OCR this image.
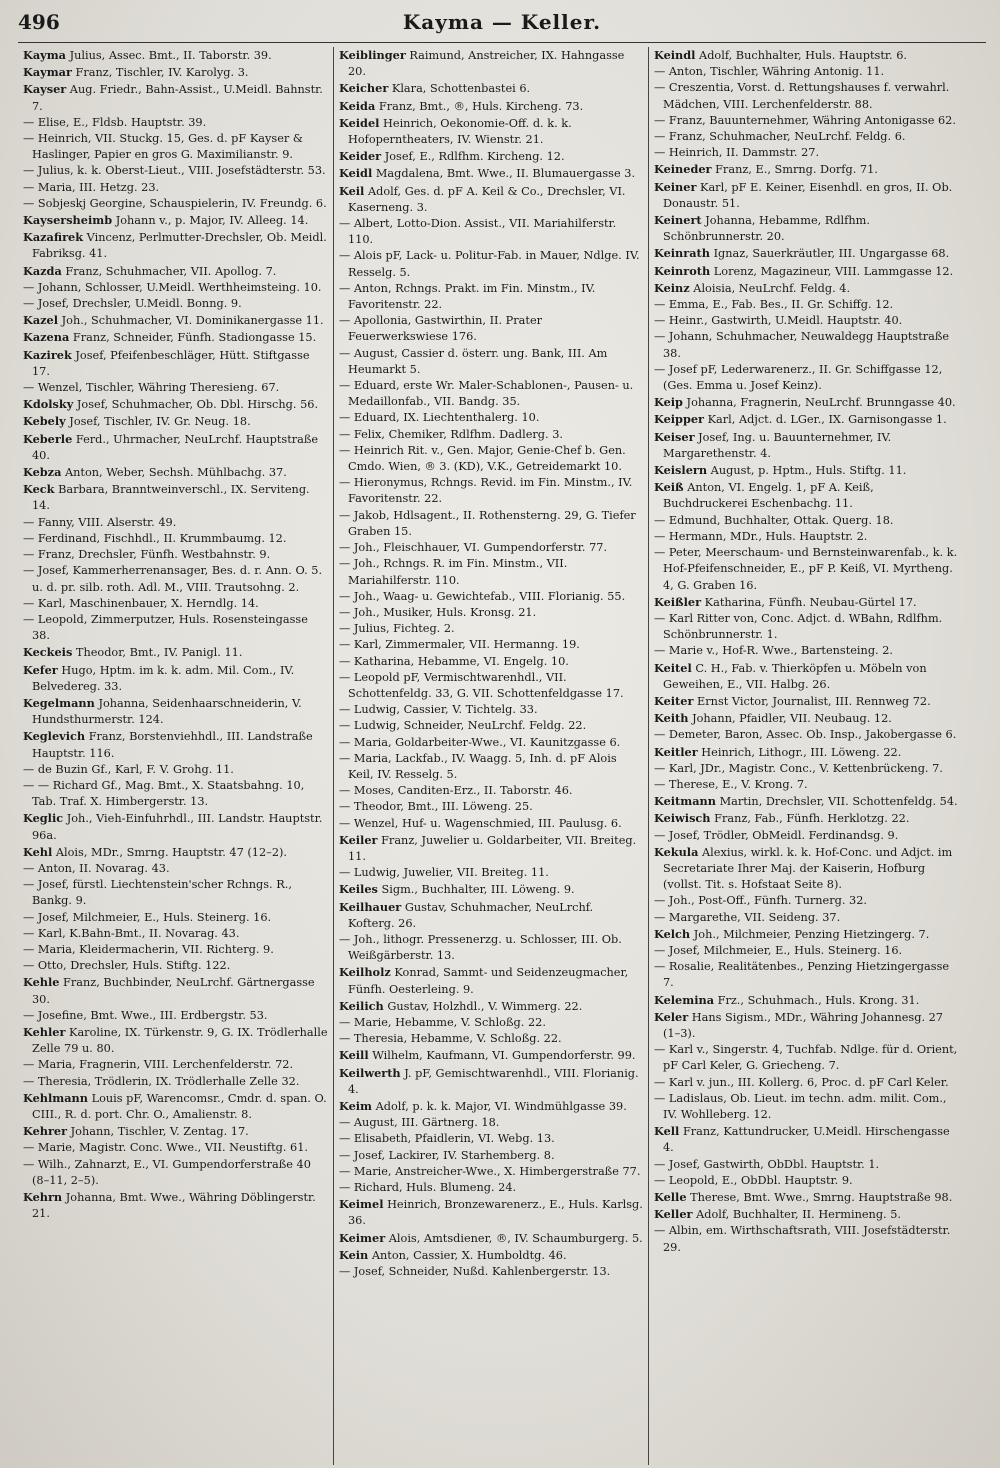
496	Kayma — Keller.

Kayma Julius, Assec. Bmt., II. Taborstr. 39.

Kaymar Franz, Tischler, IV. Karolyg. 3.

Kayser Aug. Friedr., Bahn-Assist., U.Meidl. Bahnstr. 7.

— Elise, E., Fldsb. Hauptstr. 39.

— Heinrich, VII. Stuckg. 15, Ges. d. pF Kayser & Haslinger, Papier en gros G. Maximilianstr. 9.

— Julius, k. k. Oberst-Lieut., VIII. Josefstädterstr. 53.

— Maria, III. Hetzg. 23.

— Sobjeskj Georgine, Schauspielerin, IV. Freundg. 6.

Kaysersheimb Johann v., p. Major, IV. Alleeg. 14.

Kazafirek Vincenz, Perlmutter-Drechsler, Ob. Meidl. Fabriksg. 41.

Kazda Franz, Schuhmacher, VII. Apollog. 7.

— Johann, Schlosser, U.Meidl. Werthheimsteing. 10.

— Josef, Drechsler, U.Meidl. Bonng. 9.

Kazel Joh., Schuhmacher, VI. Dominikanergasse 11.

Kazena Franz, Schneider, Fünfh. Stadiongasse 15.

Kazirek Josef, Pfeifenbeschläger, Hütt. Stiftgasse 17.

— Wenzel, Tischler, Währing Theresieng. 67.

Kdolsky Josef, Schuhmacher, Ob. Dbl. Hirschg. 56.

Kebely Josef, Tischler, IV. Gr. Neug. 18.

Keberle Ferd., Uhrmacher, NeuLrchf. Hauptstraße 40.

Kebza Anton, Weber, Sechsh. Mühlbachg. 37.

Keck Barbara, Branntweinverschl., IX. Serviteng. 14.

— Fanny, VIII. Alserstr. 49.

— Ferdinand, Fischhdl., II. Krummbaumg. 12.

— Franz, Drechsler, Fünfh. Westbahnstr. 9.

— Josef, Kammerherrenansager, Bes. d. r. Ann. O. 5. u. d. pr. silb. roth. Adl. M., VIII. Trautsohng. 2.

— Karl, Maschinenbauer, X. Herndlg. 14.

— Leopold, Zimmerputzer, Huls. Rosensteingasse 38.

Keckeis Theodor, Bmt., IV. Panigl. 11.

Kefer Hugo, Hptm. im k. k. adm. Mil. Com., IV. Belvedereg. 33.

Kegelmann Johanna, Seidenhaarschneiderin, V. Hundsthurmerstr. 124.

Keglevich Franz, Borstenviehhdl., III. Landstraße Hauptstr. 116.

— de Buzin Gf., Karl, F. V. Grohg. 11.

— — Richard Gf., Mag. Bmt., X. Staatsbahng. 10, Tab. Traf. X. Himbergerstr. 13.

Keglic Joh., Vieh-Einfuhrhdl., III. Landstr. Hauptstr. 96a.

Kehl Alois, MDr., Smrng. Hauptstr. 47 (12–2).

— Anton, II. Novarag. 43.

— Josef, fürstl. Liechtenstein'scher Rchngs. R., Bankg. 9.

— Josef, Milchmeier, E., Huls. Steinerg. 16.

— Karl, K.Bahn-Bmt., II. Novarag. 43.

— Maria, Kleidermacherin, VII. Richterg. 9.

— Otto, Drechsler, Huls. Stiftg. 122.

Kehle Franz, Buchbinder, NeuLrchf. Gärtnergasse 30.

— Josefine, Bmt. Wwe., III. Erdbergstr. 53.

Kehler Karoline, IX. Türkenstr. 9, G. IX. Trödlerhalle Zelle 79 u. 80.

— Maria, Fragnerin, VIII. Lerchenfelderstr. 72.

— Theresia, Trödlerin, IX. Trödlerhalle Zelle 32.

Kehlmann Louis pF, Warencomsr., Cmdr. d. span. O. CIII., R. d. port. Chr. O., Amalienstr. 8.

Kehrer Johann, Tischler, V. Zentag. 17.

— Marie, Magistr. Conc. Wwe., VII. Neustiftg. 61.

— Wilh., Zahnarzt, E., VI. Gumpendorferstraße 40 (8–11, 2–5).

Kehrn Johanna, Bmt. Wwe., Währing Döblingerstr. 21.

Keiblinger Raimund, Anstreicher, IX. Hahngasse 20.

Keicher Klara, Schottenbastei 6.

Keida Franz, Bmt., ®, Huls. Kircheng. 73.

Keidel Heinrich, Oekonomie-Off. d. k. k. Hofoperntheaters, IV. Wienstr. 21.

Keider Josef, E., Rdlfhm. Kircheng. 12.

Keidl Magdalena, Bmt. Wwe., II. Blumauergasse 3.

Keil Adolf, Ges. d. pF A. Keil & Co., Drechsler, VI. Kaserneng. 3.

— Albert, Lotto-Dion. Assist., VII. Mariahilferstr. 110.

— Alois pF, Lack- u. Politur-Fab. in Mauer, Ndlge. IV. Resselg. 5.

— Anton, Rchngs. Prakt. im Fin. Minstm., IV. Favoritenstr. 22.

— Apollonia, Gastwirthin, II. Prater Feuerwerkswiese 176.

— August, Cassier d. österr. ung. Bank, III. Am Heumarkt 5.

— Eduard, erste Wr. Maler-Schablonen-, Pausen- u. Medaillonfab., VII. Bandg. 35.

— Eduard, IX. Liechtenthalerg. 10.

— Felix, Chemiker, Rdlfhm. Dadlerg. 3.

— Heinrich Rit. v., Gen. Major, Genie-Chef b. Gen. Cmdo. Wien, ® 3. (KD), V.K., Getreidemarkt 10.

— Hieronymus, Rchngs. Revid. im Fin. Minstm., IV. Favoritenstr. 22.

— Jakob, Hdlsagent., II. Rothensterng. 29, G. Tiefer Graben 15.

— Joh., Fleischhauer, VI. Gumpendorferstr. 77.

— Joh., Rchngs. R. im Fin. Minstm., VII. Mariahilferstr. 110.

— Joh., Waag- u. Gewichtefab., VIII. Florianig. 55.

— Joh., Musiker, Huls. Kronsg. 21.

— Julius, Fichteg. 2.

— Karl, Zimmermaler, VII. Hermanng. 19.

— Katharina, Hebamme, VI. Engelg. 10.

— Leopold pF, Vermischtwarenhdl., VII. Schottenfeldg. 33, G. VII. Schottenfeldgasse 17.

— Ludwig, Cassier, V. Tichtelg. 33.

— Ludwig, Schneider, NeuLrchf. Feldg. 22.

— Maria, Goldarbeiter-Wwe., VI. Kaunitzgasse 6.

— Maria, Lackfab., IV. Waagg. 5, Inh. d. pF Alois Keil, IV. Resselg. 5.

— Moses, Canditen-Erz., II. Taborstr. 46.

— Theodor, Bmt., III. Löweng. 25.

— Wenzel, Huf- u. Wagenschmied, III. Paulusg. 6.

Keiler Franz, Juwelier u. Goldarbeiter, VII. Breiteg. 11.

— Ludwig, Juwelier, VII. Breiteg. 11.

Keiles Sigm., Buchhalter, III. Löweng. 9.

Keilhauer Gustav, Schuhmacher, NeuLrchf. Kofterg. 26.

— Joh., lithogr. Pressenerzg. u. Schlosser, III. Ob. Weißgärberstr. 13.

Keilholz Konrad, Sammt- und Seidenzeugmacher, Fünfh. Oesterleing. 9.

Keilich Gustav, Holzhdl., V. Wimmerg. 22.

— Marie, Hebamme, V. Schloßg. 22.

— Theresia, Hebamme, V. Schloßg. 22.

Keill Wilhelm, Kaufmann, VI. Gumpendorferstr. 99.

Keilwerth J. pF, Gemischtwarenhdl., VIII. Florianig. 4.

Keim Adolf, p. k. k. Major, VI. Windmühlgasse 39.

— August, III. Gärtnerg. 18.

— Elisabeth, Pfaidlerin, VI. Webg. 13.

— Josef, Lackirer, IV. Starhemberg. 8.

— Marie, Anstreicher-Wwe., X. Himbergerstraße 77.

— Richard, Huls. Blumeng. 24.

Keimel Heinrich, Bronzewarenerz., E., Huls. Karlsg. 36.

Keimer Alois, Amtsdiener, ®, IV. Schaumburgerg. 5.

Kein Anton, Cassier, X. Humboldtg. 46.

— Josef, Schneider, Nußd. Kahlenbergerstr. 13.

Keindl Adolf, Buchhalter, Huls. Hauptstr. 6.

— Anton, Tischler, Währing Antonig. 11.

— Creszentia, Vorst. d. Rettungshauses f. verwahrl. Mädchen, VIII. Lerchenfelderstr. 88.

— Franz, Bauunternehmer, Währing Antonigasse 62.

— Franz, Schuhmacher, NeuLrchf. Feldg. 6.

— Heinrich, II. Dammstr. 27.

Keineder Franz, E., Smrng. Dorfg. 71.

Keiner Karl, pF E. Keiner, Eisenhdl. en gros, II. Ob. Donaustr. 51.

Keinert Johanna, Hebamme, Rdlfhm. Schönbrunnerstr. 20.

Keinrath Ignaz, Sauerkräutler, III. Ungargasse 68.

Keinroth Lorenz, Magazineur, VIII. Lammgasse 12.

Keinz Aloisia, NeuLrchf. Feldg. 4.

— Emma, E., Fab. Bes., II. Gr. Schiffg. 12.

— Heinr., Gastwirth, U.Meidl. Hauptstr. 40.

— Johann, Schuhmacher, Neuwaldegg Hauptstraße 38.

— Josef pF, Lederwarenerz., II. Gr. Schiffgasse 12, (Ges. Emma u. Josef Keinz).

Keip Johanna, Fragnerin, NeuLrchf. Brunngasse 40.

Keipper Karl, Adjct. d. LGer., IX. Garnisongasse 1.

Keiser Josef, Ing. u. Bauunternehmer, IV. Margarethenstr. 4.

Keislern August, p. Hptm., Huls. Stiftg. 11.

Keiß Anton, VI. Engelg. 1, pF A. Keiß, Buchdruckerei Eschenbachg. 11.

— Edmund, Buchhalter, Ottak. Querg. 18.

— Hermann, MDr., Huls. Hauptstr. 2.

— Peter, Meerschaum- und Bernsteinwarenfab., k. k. Hof-Pfeifenschneider, E., pF P. Keiß, VI. Myrtheng. 4, G. Graben 16.

Keißler Katharina, Fünfh. Neubau-Gürtel 17.

— Karl Ritter von, Conc. Adjct. d. WBahn, Rdlfhm. Schönbrunnerstr. 1.

— Marie v., Hof-R. Wwe., Bartensteing. 2.

Keitel C. H., Fab. v. Thierköpfen u. Möbeln von Geweihen, E., VII. Halbg. 26.

Keiter Ernst Victor, Journalist, III. Rennweg 72.

Keith Johann, Pfaidler, VII. Neubaug. 12.

— Demeter, Baron, Assec. Ob. Insp., Jakobergasse 6.

Keitler Heinrich, Lithogr., III. Löweng. 22.

— Karl, JDr., Magistr. Conc., V. Kettenbrückeng. 7.

— Therese, E., V. Krong. 7.

Keitmann Martin, Drechsler, VII. Schottenfeldg. 54.

Keiwisch Franz, Fab., Fünfh. Herklotzg. 22.

— Josef, Trödler, ObMeidl. Ferdinandsg. 9.

Kekula Alexius, wirkl. k. k. Hof-Conc. und Adjct. im Secretariate Ihrer Maj. der Kaiserin, Hofburg (vollst. Tit. s. Hofstaat Seite 8).

— Joh., Post-Off., Fünfh. Turnerg. 32.

— Margarethe, VII. Seideng. 37.

Kelch Joh., Milchmeier, Penzing Hietzingerg. 7.

— Josef, Milchmeier, E., Huls. Steinerg. 16.

— Rosalie, Realitätenbes., Penzing Hietzingergasse 7.

Kelemina Frz., Schuhmach., Huls. Krong. 31.

Keler Hans Sigism., MDr., Währing Johannesg. 27 (1–3).

— Karl v., Singerstr. 4, Tuchfab. Ndlge. für d. Orient, pF Carl Keler, G. Griecheng. 7.

— Karl v. jun., III. Kollerg. 6, Proc. d. pF Carl Keler.

— Ladislaus, Ob. Lieut. im techn. adm. milit. Com., IV. Wohlleberg. 12.

Kell Franz, Kattundrucker, U.Meidl. Hirschengasse 4.

— Josef, Gastwirth, ObDbl. Hauptstr. 1.

— Leopold, E., ObDbl. Hauptstr. 9.

Kelle Therese, Bmt. Wwe., Smrng. Hauptstraße 98.

Keller Adolf, Buchhalter, II. Hermineng. 5.

— Albin, em. Wirthschaftsrath, VIII. Josefstädterstr. 29.
